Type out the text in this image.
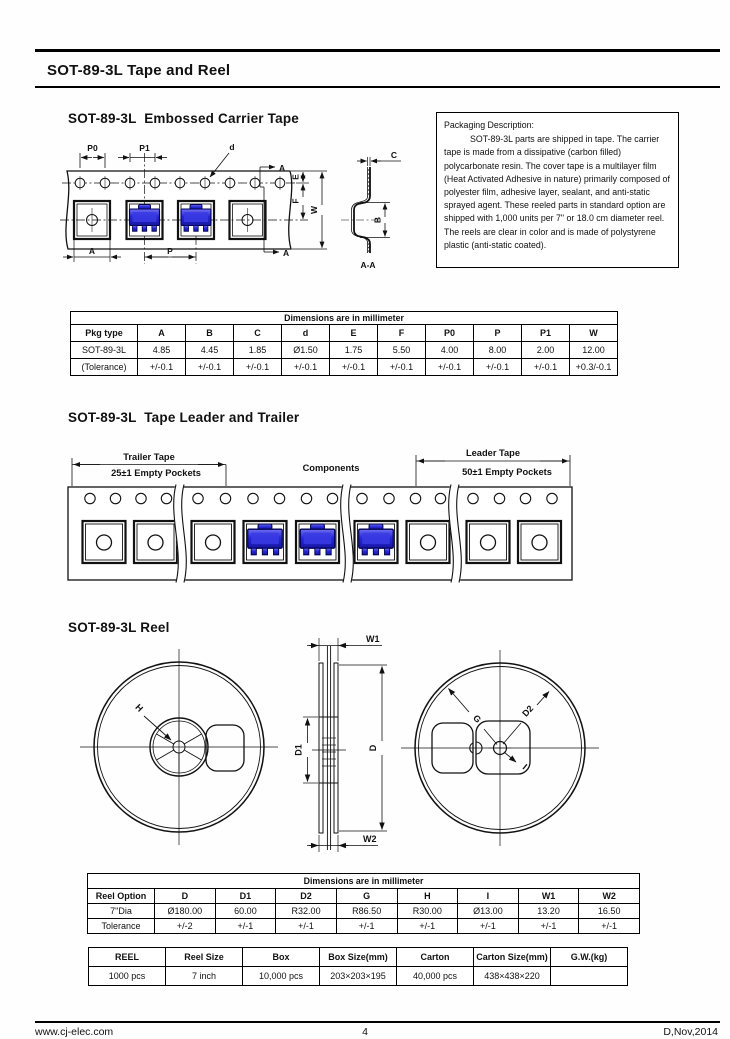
SOT-89-3L Tape and Reel
SOT-89-3L  Embossed Carrier Tape
P0	P1	d
A
A
E
F
W
A	P
C
B
A-A
Packaging Description:

SOT-89-3L parts are shipped in tape. The carrier tape is made from a dissipative (carbon filled) polycarbonate resin. The cover tape is a multilayer film (Heat Activated Adhesive in nature) primarily composed of polyester film, adhesive layer, sealant, and anti-static sprayed agent. These reeled parts in standard option are shipped with 1,000 units per 7" or 18.0 cm diameter reel. The reels are clear in color and is made of polystyrene plastic (anti-static coated).

Dimensions are in millimeter										
Pkg type	A	B	C	d	E	F	P0	P	P1	W
SOT-89-3L	4.85	4.45	1.85	Ø1.50	1.75	5.50	4.00	8.00	2.00	12.00
(Tolerance)	+/-0.1	+/-0.1	+/-0.1	+/-0.1	+/-0.1	+/-0.1	+/-0.1	+/-0.1	+/-0.1	+0.3/-0.1
SOT-89-3L  Tape Leader and Trailer
Trailer Tape
25±1 Empty Pockets	Components
Leader Tape
50±1 Empty Pockets
SOT-89-3L Reel
H
W1
D
D1
W2
G
D2
I
Dimensions are in millimeter								
Reel Option	D	D1	D2	G	H	I	W1	W2
7"Dia	Ø180.00	60.00	R32.00	R86.50	R30.00	Ø13.00	13.20	16.50
Tolerance	+/-2	+/-1	+/-1	+/-1	+/-1	+/-1	+/-1	+/-1
REEL	Reel Size	Box	Box Size(mm)	Carton	Carton Size(mm)	G.W.(kg)
1000 pcs	7 inch	10,000 pcs	203×203×195	40,000 pcs	438×438×220	
www.cj-elec.com	4	D,Nov,2014
